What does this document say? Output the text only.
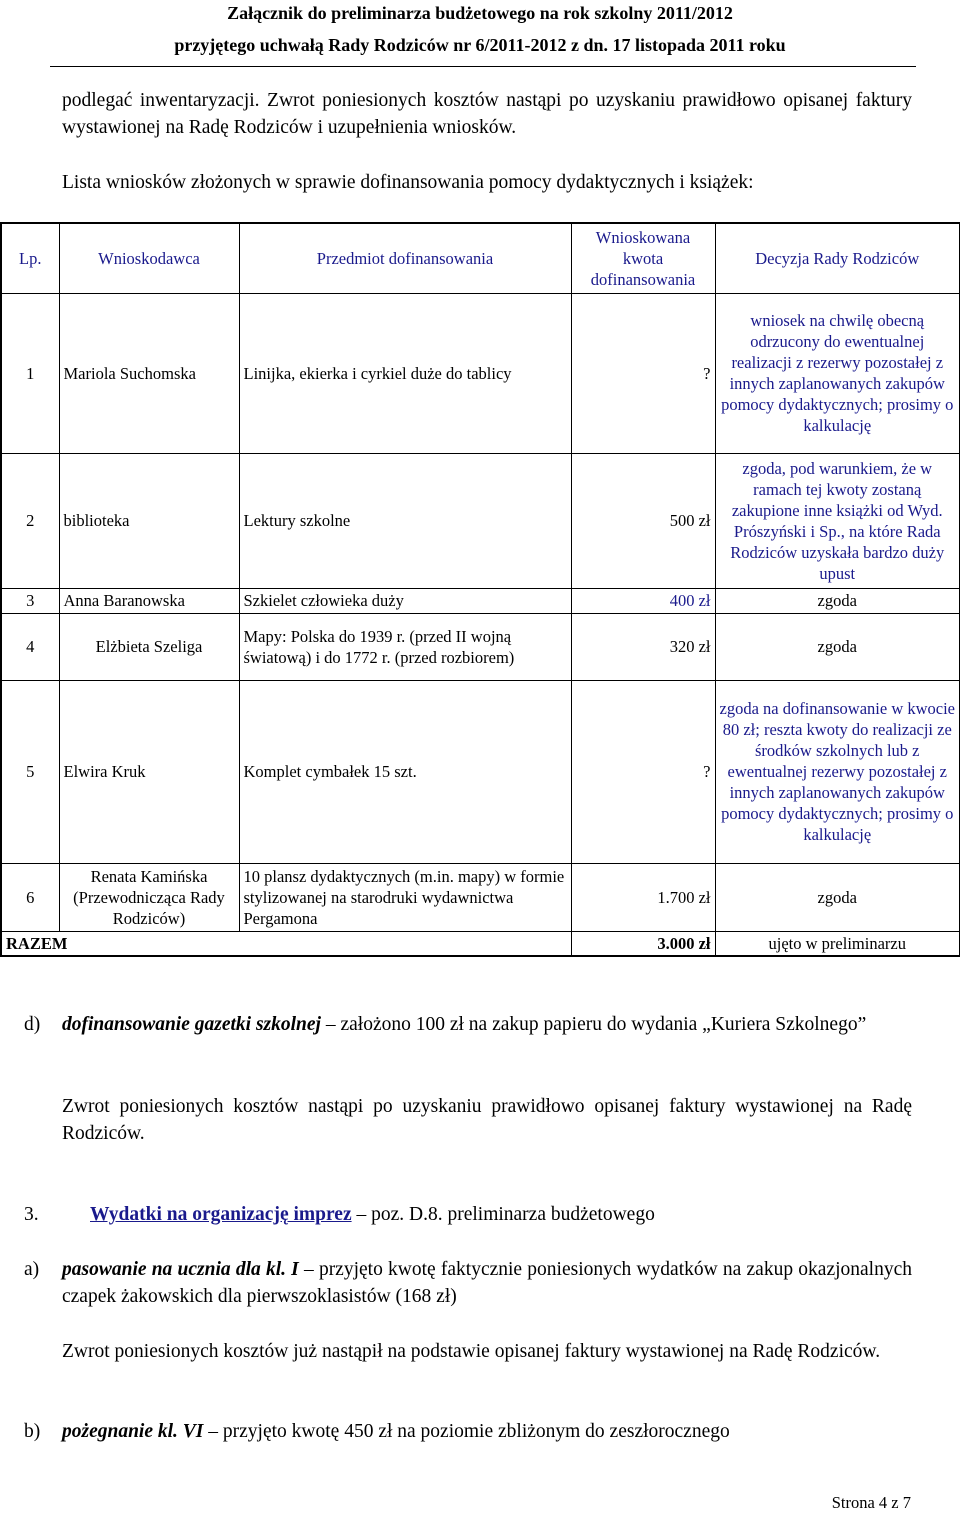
Załącznik do preliminarza budżetowego na rok szkolny 2011/2012
przyjętego uchwałą Rady Rodziców nr 6/2011-2012 z dn. 17 listopada 2011 roku
podlegać inwentaryzacji. Zwrot poniesionych kosztów nastąpi po uzyskaniu prawidłowo opisanej faktury wystawionej na Radę Rodziców i uzupełnienia wniosków.
Lista wniosków złożonych w sprawie dofinansowania pomocy dydaktycznych i książek:
Lp.	Wnioskodawca	Przedmiot dofinansowania	Wnioskowana kwota dofinansowania	Decyzja Rady Rodziców
1	Mariola Suchomska	Linijka, ekierka i cyrkiel duże do tablicy	?	wniosek na chwilę obecną odrzucony do ewentualnej realizacji z rezerwy pozostałej z innych zaplanowanych zakupów pomocy dydaktycznych; prosimy o kalkulację
2	biblioteka	Lektury szkolne	500 zł	zgoda, pod warunkiem, że w ramach tej kwoty zostaną zakupione inne książki od Wyd. Prószyński i Sp., na które Rada Rodziców uzyskała bardzo duży upust
3	Anna Baranowska	Szkielet człowieka duży	400 zł	zgoda
4	Elżbieta Szeliga	Mapy: Polska do 1939 r. (przed II wojną światową) i do 1772 r. (przed rozbiorem)	320 zł	zgoda
5	Elwira Kruk	Komplet cymbałek 15 szt.	?	zgoda na dofinansowanie w kwocie 80 zł; reszta kwoty do realizacji ze środków szkolnych lub z ewentualnej rezerwy pozostałej z innych zaplanowanych zakupów pomocy dydaktycznych; prosimy o kalkulację
6	Renata Kamińska (Przewodnicząca Rady Rodziców)	10 plansz dydaktycznych (m.in. mapy) w formie stylizowanej na starodruki wydawnictwa Pergamona	1.700 zł	zgoda
RAZEM			3.000 zł	ujęto w preliminarzu
d) dofinansowanie gazetki szkolnej – założono 100 zł na zakup papieru do wydania „Kuriera Szkolnego”
Zwrot poniesionych kosztów nastąpi po uzyskaniu prawidłowo opisanej faktury wystawionej na Radę Rodziców.
3.	Wydatki na organizację imprez – poz. D.8. preliminarza budżetowego
a) pasowanie na ucznia dla kl. I – przyjęto kwotę faktycznie poniesionych wydatków na zakup okazjonalnych czapek żakowskich dla pierwszoklasistów (168 zł)
Zwrot poniesionych kosztów już nastąpił na podstawie opisanej faktury wystawionej na Radę Rodziców.
b) pożegnanie kl. VI – przyjęto kwotę 450 zł na poziomie zbliżonym do zeszłorocznego
Strona 4 z 7
